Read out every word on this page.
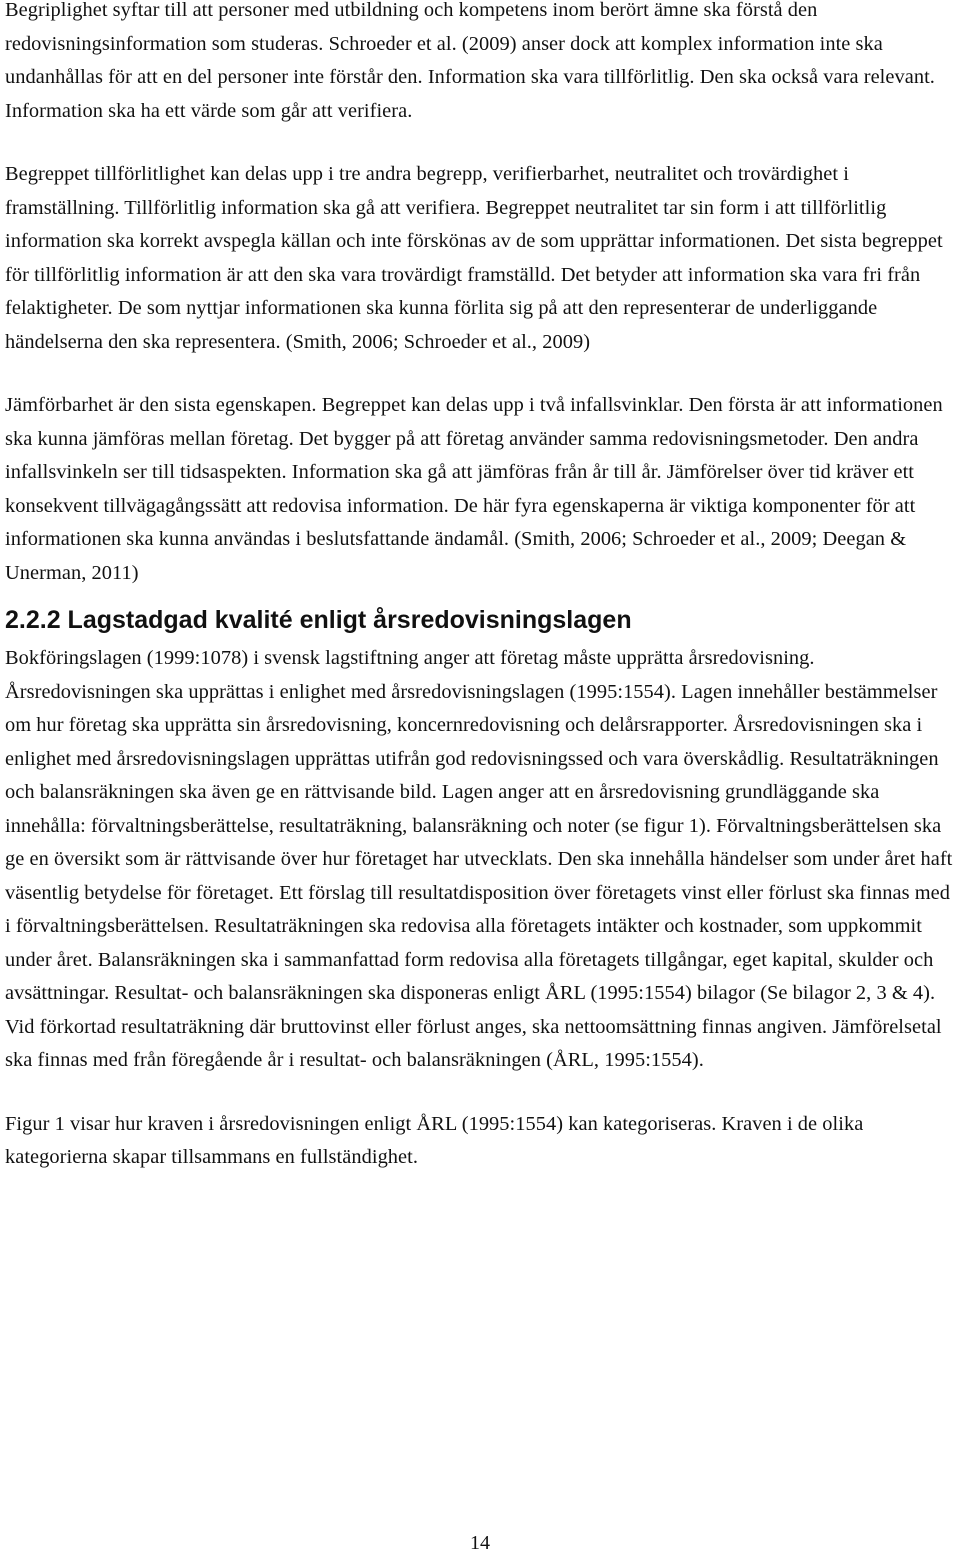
Begriplighet syftar till att personer med utbildning och kompetens inom berört ämne ska förstå den redovisningsinformation som studeras. Schroeder et al. (2009) anser dock att komplex information inte ska undanhållas för att en del personer inte förstår den. Information ska vara tillförlitlig. Den ska också vara relevant. Information ska ha ett värde som går att verifiera.

Begreppet tillförlitlighet kan delas upp i tre andra begrepp, verifierbarhet, neutralitet och trovärdighet i framställning. Tillförlitlig information ska gå att verifiera. Begreppet neutralitet tar sin form i att tillförlitlig information ska korrekt avspegla källan och inte förskönas av de som upprättar informationen. Det sista begreppet för tillförlitlig information är att den ska vara trovärdigt framställd. Det betyder att information ska vara fri från felaktigheter. De som nyttjar informationen ska kunna förlita sig på att den representerar de underliggande händelserna den ska representera. (Smith, 2006; Schroeder et al., 2009)

Jämförbarhet är den sista egenskapen. Begreppet kan delas upp i två infallsvinklar. Den första är att informationen ska kunna jämföras mellan företag. Det bygger på att företag använder samma redovisningsmetoder. Den andra infallsvinkeln ser till tidsaspekten. Information ska gå att jämföras från år till år. Jämförelser över tid kräver ett konsekvent tillvägagångssätt att redovisa information. De här fyra egenskaperna är viktiga komponenter för att informationen ska kunna användas i beslutsfattande ändamål. (Smith, 2006; Schroeder et al., 2009; Deegan & Unerman, 2011)

2.2.2 Lagstadgad kvalité enligt årsredovisningslagen

Bokföringslagen (1999:1078) i svensk lagstiftning anger att företag måste upprätta årsredovisning. Årsredovisningen ska upprättas i enlighet med årsredovisningslagen (1995:1554). Lagen innehåller bestämmelser om hur företag ska upprätta sin årsredovisning, koncernredovisning och delårsrapporter. Årsredovisningen ska i enlighet med årsredovisningslagen upprättas utifrån god redovisningssed och vara överskådlig. Resultaträkningen och balansräkningen ska även ge en rättvisande bild. Lagen anger att en årsredovisning grundläggande ska innehålla: förvaltningsberättelse, resultaträkning, balansräkning och noter (se figur 1). Förvaltningsberättelsen ska ge en översikt som är rättvisande över hur företaget har utvecklats. Den ska innehålla händelser som under året haft väsentlig betydelse för företaget. Ett förslag till resultatdisposition över företagets vinst eller förlust ska finnas med i förvaltningsberättelsen. Resultaträkningen ska redovisa alla företagets intäkter och kostnader, som uppkommit under året. Balansräkningen ska i sammanfattad form redovisa alla företagets tillgångar, eget kapital, skulder och avsättningar. Resultat- och balansräkningen ska disponeras enligt ÅRL (1995:1554) bilagor (Se bilagor 2, 3 & 4). Vid förkortad resultaträkning där bruttovinst eller förlust anges, ska nettoomsättning finnas angiven. Jämförelsetal ska finnas med från föregående år i resultat- och balansräkningen (ÅRL, 1995:1554).

Figur 1 visar hur kraven i årsredovisningen enligt ÅRL (1995:1554) kan kategoriseras. Kraven i de olika kategorierna skapar tillsammans en fullständighet.

14
